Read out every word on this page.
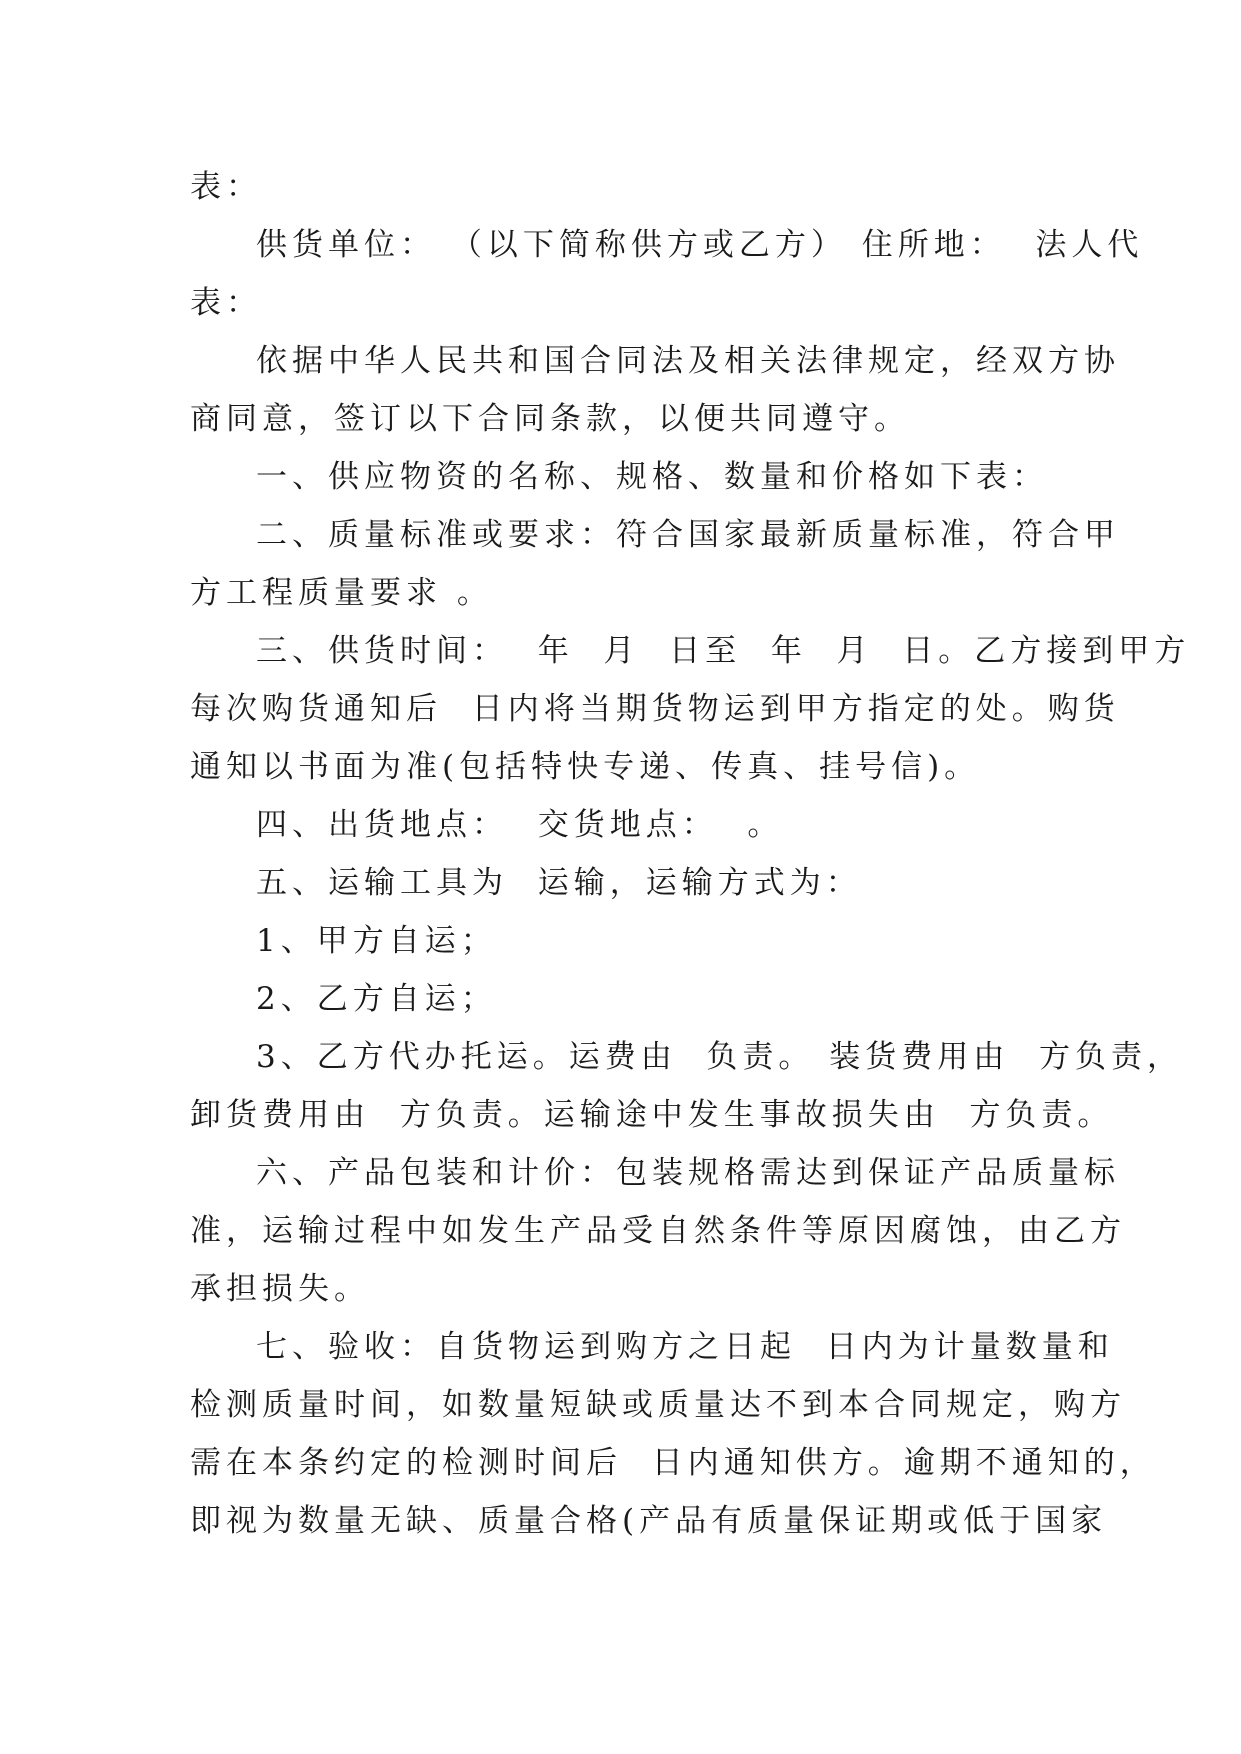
表：
供货单位： （以下简称供方或乙方） 住所地：  法人代
表：
依据中华人民共和国合同法及相关法律规定，经双方协
商同意，签订以下合同条款，以便共同遵守。
一、供应物资的名称、规格、数量和价格如下表：
二、质量标准或要求：符合国家最新质量标准，符合甲
方工程质量要求 。
三、供货时间：  年  月  日至  年  月  日。乙方接到甲方
每次购货通知后  日内将当期货物运到甲方指定的处。购货
通知以书面为准(包括特快专递、传真、挂号信)。
四、出货地点：  交货地点：  。
五、运输工具为  运输，运输方式为：
1、甲方自运；
2、乙方自运；
3、乙方代办托运。运费由  负责。 装货费用由  方负责，
卸货费用由  方负责。运输途中发生事故损失由  方负责。
六、产品包装和计价：包装规格需达到保证产品质量标
准，运输过程中如发生产品受自然条件等原因腐蚀，由乙方
承担损失。
七、验收：自货物运到购方之日起  日内为计量数量和
检测质量时间，如数量短缺或质量达不到本合同规定，购方
需在本条约定的检测时间后  日内通知供方。逾期不通知的，
即视为数量无缺、质量合格(产品有质量保证期或低于国家
